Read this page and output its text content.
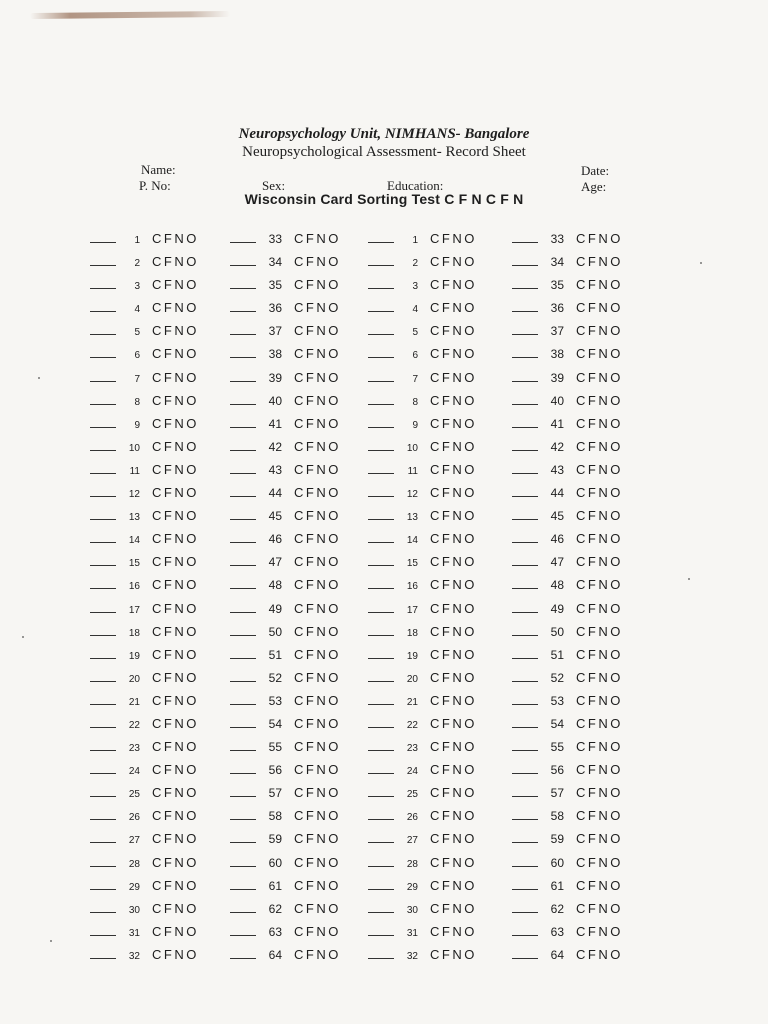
Neuropsychology Unit, NIMHANS- Bangalore
Neuropsychological Assessment- Record Sheet
Name:
P. No:	Sex:	Education:
Date:
Age:
Wisconsin Card Sorting Test C F N C F N
1 CFNO
2 CFNO
3 CFNO
4 CFNO
5 CFNO
6 CFNO
7 CFNO
8 CFNO
9 CFNO
10 CFNO
11 CFNO
12 CFNO
13 CFNO
14 CFNO
15 CFNO
16 CFNO
17 CFNO
18 CFNO
19 CFNO
20 CFNO
21 CFNO
22 CFNO
23 CFNO
24 CFNO
25 CFNO
26 CFNO
27 CFNO
28 CFNO
29 CFNO
30 CFNO
31 CFNO
32 CFNO
33 CFNO
34 CFNO
35 CFNO
36 CFNO
37 CFNO
38 CFNO
39 CFNO
40 CFNO
41 CFNO
42 CFNO
43 CFNO
44 CFNO
45 CFNO
46 CFNO
47 CFNO
48 CFNO
49 CFNO
50 CFNO
51 CFNO
52 CFNO
53 CFNO
54 CFNO
55 CFNO
56 CFNO
57 CFNO
58 CFNO
59 CFNO
60 CFNO
61 CFNO
62 CFNO
63 CFNO
64 CFNO
1 CFNO
2 CFNO
3 CFNO
4 CFNO
5 CFNO
6 CFNO
7 CFNO
8 CFNO
9 CFNO
10 CFNO
11 CFNO
12 CFNO
13 CFNO
14 CFNO
15 CFNO
16 CFNO
17 CFNO
18 CFNO
19 CFNO
20 CFNO
21 CFNO
22 CFNO
23 CFNO
24 CFNO
25 CFNO
26 CFNO
27 CFNO
28 CFNO
29 CFNO
30 CFNO
31 CFNO
32 CFNO
33 CFNO
34 CFNO
35 CFNO
36 CFNO
37 CFNO
38 CFNO
39 CFNO
40 CFNO
41 CFNO
42 CFNO
43 CFNO
44 CFNO
45 CFNO
46 CFNO
47 CFNO
48 CFNO
49 CFNO
50 CFNO
51 CFNO
52 CFNO
53 CFNO
54 CFNO
55 CFNO
56 CFNO
57 CFNO
58 CFNO
59 CFNO
60 CFNO
61 CFNO
62 CFNO
63 CFNO
64 CFNO
